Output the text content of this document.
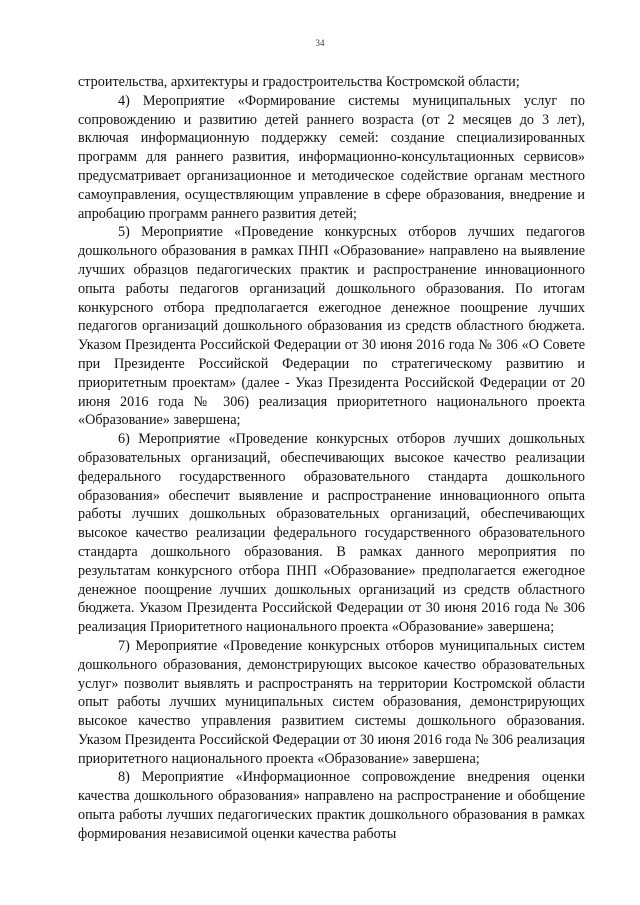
34

строительства, архитектуры и градостроительства Костромской области;

4) Мероприятие «Формирование системы муниципальных услуг по сопровождению и развитию детей раннего возраста (от 2 месяцев до 3 лет), включая информационную поддержку семей: создание специализированных программ для раннего развития, информационно-консультационных сервисов» предусматривает организационное и методическое содействие органам местного самоуправления, осуществляющим управление в сфере образования, внедрение и апробацию программ раннего развития детей;

5) Мероприятие «Проведение конкурсных отборов лучших педагогов дошкольного образования в рамках ПНП «Образование» направлено на выявление лучших образцов педагогических практик и распространение инновационного опыта работы педагогов организаций дошкольного образования. По итогам конкурсного отбора предполагается ежегодное денежное поощрение лучших педагогов организаций дошкольного образования из средств областного бюджета. Указом Президента Российской Федерации от 30 июня 2016 года № 306 «О Совете при Президенте Российской Федерации по стратегическому развитию и приоритетным проектам» (далее - Указ Президента Российской Федерации от 20 июня 2016 года № 306) реализация приоритетного национального проекта «Образование» завершена;

6) Мероприятие «Проведение конкурсных отборов лучших дошкольных образовательных организаций, обеспечивающих высокое качество реализации федерального государственного образовательного стандарта дошкольного образования» обеспечит выявление и распространение инновационного опыта работы лучших дошкольных образовательных организаций, обеспечивающих высокое качество реализации федерального государственного образовательного стандарта дошкольного образования. В рамках данного мероприятия по результатам конкурсного отбора ПНП «Образование» предполагается ежегодное денежное поощрение лучших дошкольных организаций из средств областного бюджета. Указом Президента Российской Федерации от 30 июня 2016 года № 306 реализация Приоритетного национального проекта «Образование» завершена;

7) Мероприятие «Проведение конкурсных отборов муниципальных систем дошкольного образования, демонстрирующих высокое качество образовательных услуг» позволит выявлять и распространять на территории Костромской области опыт работы лучших муниципальных систем образования, демонстрирующих высокое качество управления развитием системы дошкольного образования. Указом Президента Российской Федерации от 30 июня 2016 года № 306 реализация приоритетного национального проекта «Образование» завершена;

8) Мероприятие «Информационное сопровождение внедрения оценки качества дошкольного образования» направлено на распространение и обобщение опыта работы лучших педагогических практик дошкольного образования в рамках формирования независимой оценки качества работы
